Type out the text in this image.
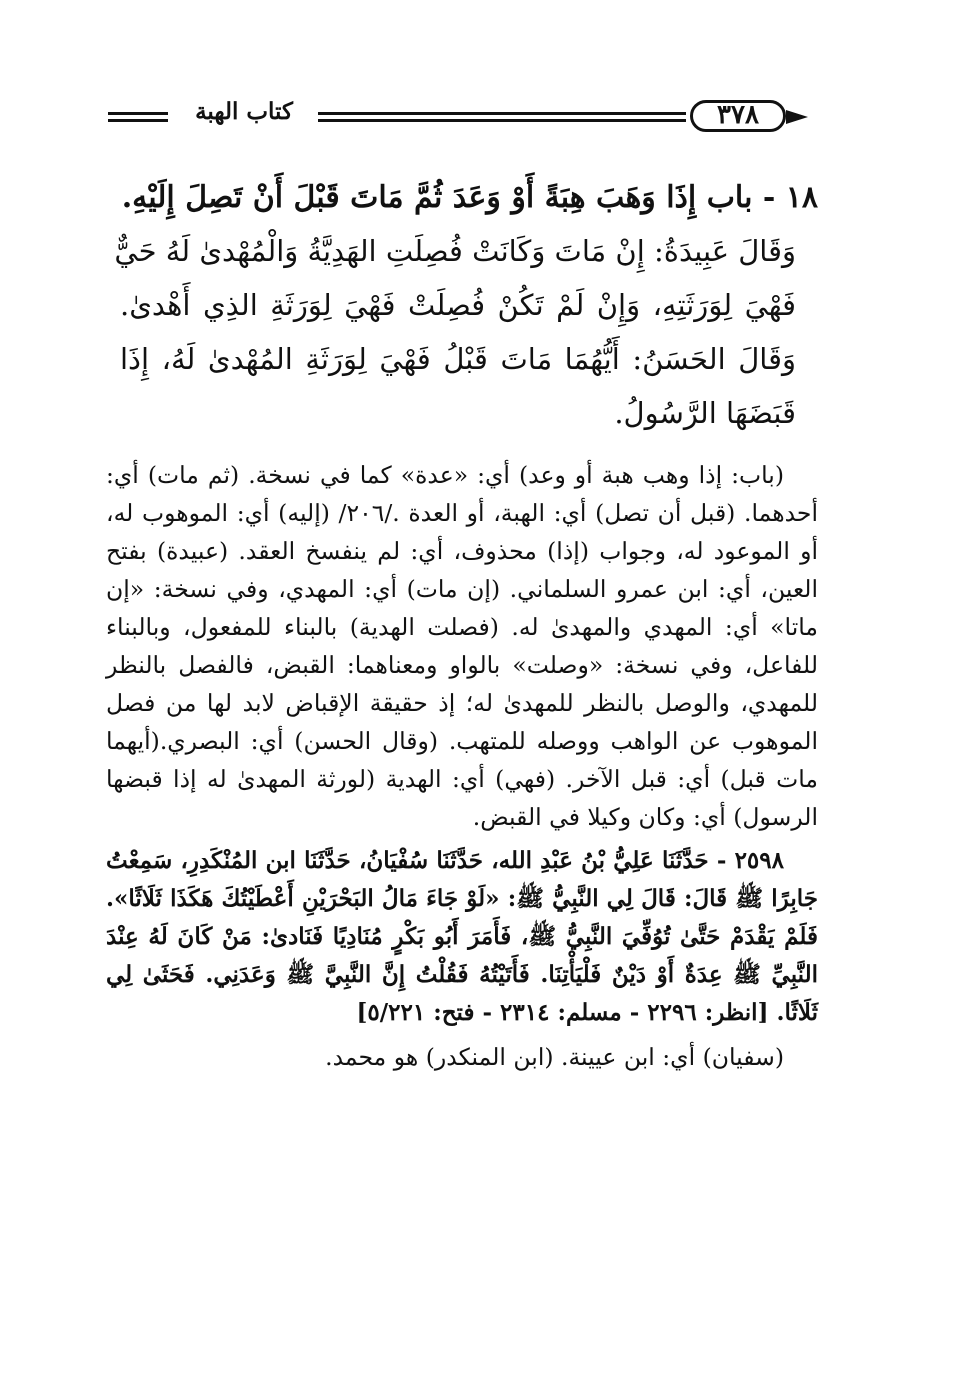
كتاب الهبة	٣٧٨

١٨ - باب إِذَا وَهَبَ هِبَةً أَوْ وَعَدَ ثُمَّ مَاتَ قَبْلَ أَنْ تَصِلَ إِلَيْهِ.

وَقَالَ عَبِيدَةُ: إِنْ مَاتَ وَكَانَتْ فُصِلَتِ الهَدِيَّةُ وَالْمُهْدىٰ لَهُ حَيٌّ

فَهْيَ لِوَرَثَتِهِ، وَإِنْ لَمْ تَكُنْ فُصِلَتْ فَهْيَ لِوَرَثَةِ الذِي أَهْدىٰ.

وَقَالَ الحَسَنُ: أَيُّهُمَا مَاتَ قَبْلُ فَهْيَ لِوَرَثَةِ المُهْدىٰ لَهُ، إِذَا

قَبَضَهَا الرَّسُولُ.

(باب: إذا وهب هبة أو وعد) أي: «عدة» كما في نسخة. (ثم مات) أي: أحدهما. (قبل أن تصل) أي: الهبة، أو العدة ./٢٠٦/ (إليه) أي: الموهوب له، أو الموعود له، وجواب (إذا) محذوف، أي: لم ينفسخ العقد. (عبيدة) بفتح العين، أي: ابن عمرو السلماني. (إن مات) أي: المهدي، وفي نسخة: «إن ماتا» أي: المهدي والمهدىٰ له. (فصلت الهدية) بالبناء للمفعول، وبالبناء للفاعل، وفي نسخة: «وصلت» بالواو ومعناهما: القبض، فالفصل بالنظر للمهدي، والوصل بالنظر للمهدىٰ له؛ إذ حقيقة الإقباض لابد لها من فصل الموهوب عن الواهب ووصله للمتهب. (وقال الحسن) أي: البصري.(أيهما مات قبل) أي: قبل الآخر. (فهي) أي: الهدية (لورثة المهدىٰ له إذا قبضها الرسول) أي: وكان وكيلا في القبض.

٢٥٩٨ - حَدَّثَنَا عَلِيُّ بْنُ عَبْدِ الله، حَدَّثَنَا سُفْيَانُ، حَدَّثَنَا ابن المُنْكَدِرِ، سَمِعْتُ جَابِرًا ﷺ قَالَ: قَالَ لِي النَّبِيُّ ﷺ: «لَوْ جَاءَ مَالُ البَحْرَيْنِ أَعْطَيْتُكَ هَكَذَا ثَلَاثًا». فَلَمْ يَقْدَمْ حَتَّىٰ تُوُفِّيَ النَّبِيُّ ﷺ، فَأَمَرَ أَبُو بَكْرٍ مُنَادِيًا فَنَادىٰ: مَنْ كَانَ لَهُ عِنْدَ النَّبِيِّ ﷺ عِدَةٌ أَوْ دَيْنٌ فَلْيَأْتِنَا. فَأَتَيْتُهُ فَقُلْتُ إِنَّ النَّبِيَّ ﷺ وَعَدَنِي. فَحَثَىٰ لِي ثَلَاثًا. [انظر: ٢٢٩٦ - مسلم: ٢٣١٤ - فتح: ٥/٢٢١]

(سفيان) أي: ابن عيينة. (ابن المنكدر) هو محمد.
